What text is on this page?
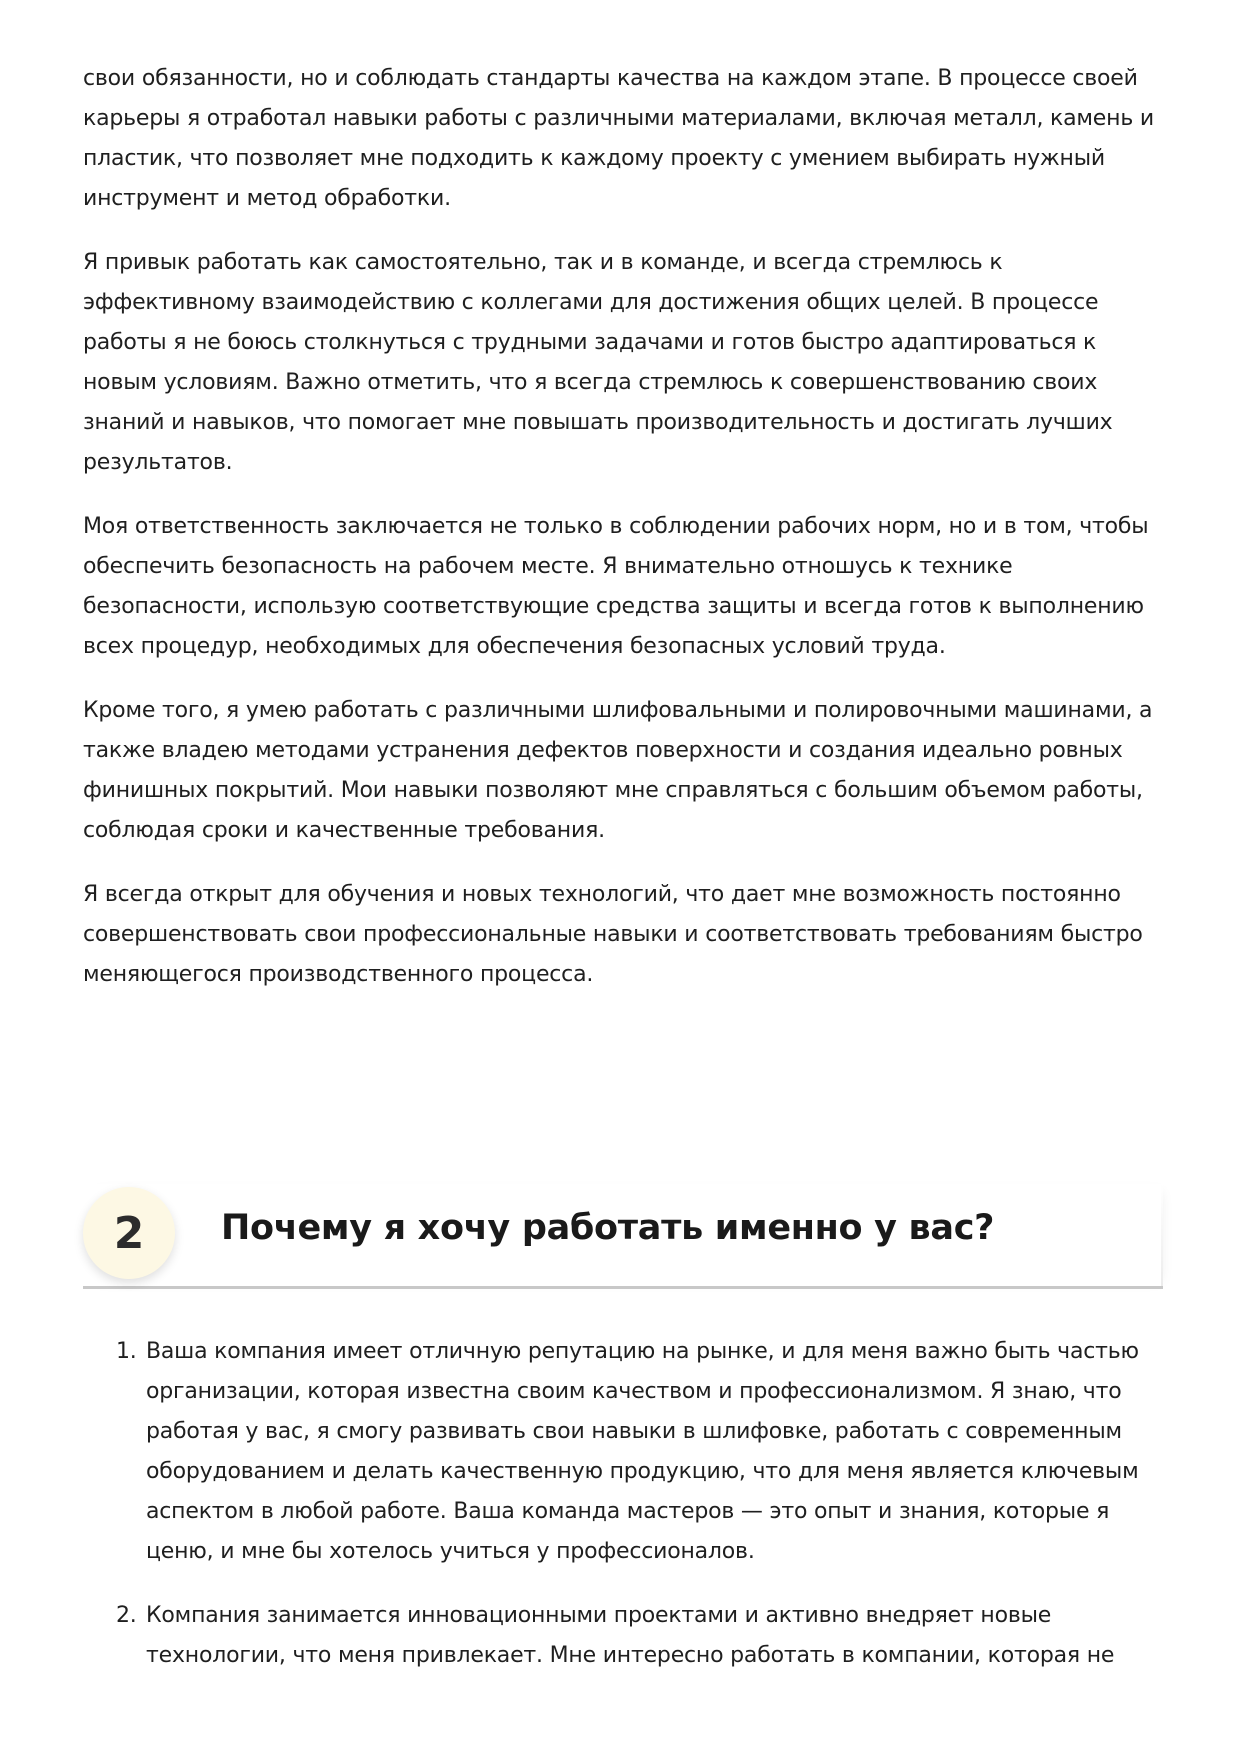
свои обязанности, но и соблюдать стандарты качества на каждом этапе. В процессе своей карьеры я отработал навыки работы с различными материалами, включая металл, камень и пластик, что позволяет мне подходить к каждому проекту с умением выбирать нужный инструмент и метод обработки.

Я привык работать как самостоятельно, так и в команде, и всегда стремлюсь к эффективному взаимодействию с коллегами для достижения общих целей. В процессе работы я не боюсь столкнуться с трудными задачами и готов быстро адаптироваться к новым условиям. Важно отметить, что я всегда стремлюсь к совершенствованию своих знаний и навыков, что помогает мне повышать производительность и достигать лучших результатов.

Моя ответственность заключается не только в соблюдении рабочих норм, но и в том, чтобы обеспечить безопасность на рабочем месте. Я внимательно отношусь к технике безопасности, использую соответствующие средства защиты и всегда готов к выполнению всех процедур, необходимых для обеспечения безопасных условий труда.

Кроме того, я умею работать с различными шлифовальными и полировочными машинами, а также владею методами устранения дефектов поверхности и создания идеально ровных финишных покрытий. Мои навыки позволяют мне справляться с большим объемом работы, соблюдая сроки и качественные требования.

Я всегда открыт для обучения и новых технологий, что дает мне возможность постоянно совершенствовать свои профессиональные навыки и соответствовать требованиям быстро меняющегося производственного процесса.

2	Почему я хочу работать именно у вас?
1. Ваша компания имеет отличную репутацию на рынке, и для меня важно быть частью организации, которая известна своим качеством и профессионализмом. Я знаю, что работая у вас, я смогу развивать свои навыки в шлифовке, работать с современным оборудованием и делать качественную продукцию, что для меня является ключевым аспектом в любой работе. Ваша команда мастеров — это опыт и знания, которые я ценю, и мне бы хотелось учиться у профессионалов.
2. Компания занимается инновационными проектами и активно внедряет новые технологии, что меня привлекает. Мне интересно работать в компании, которая не
